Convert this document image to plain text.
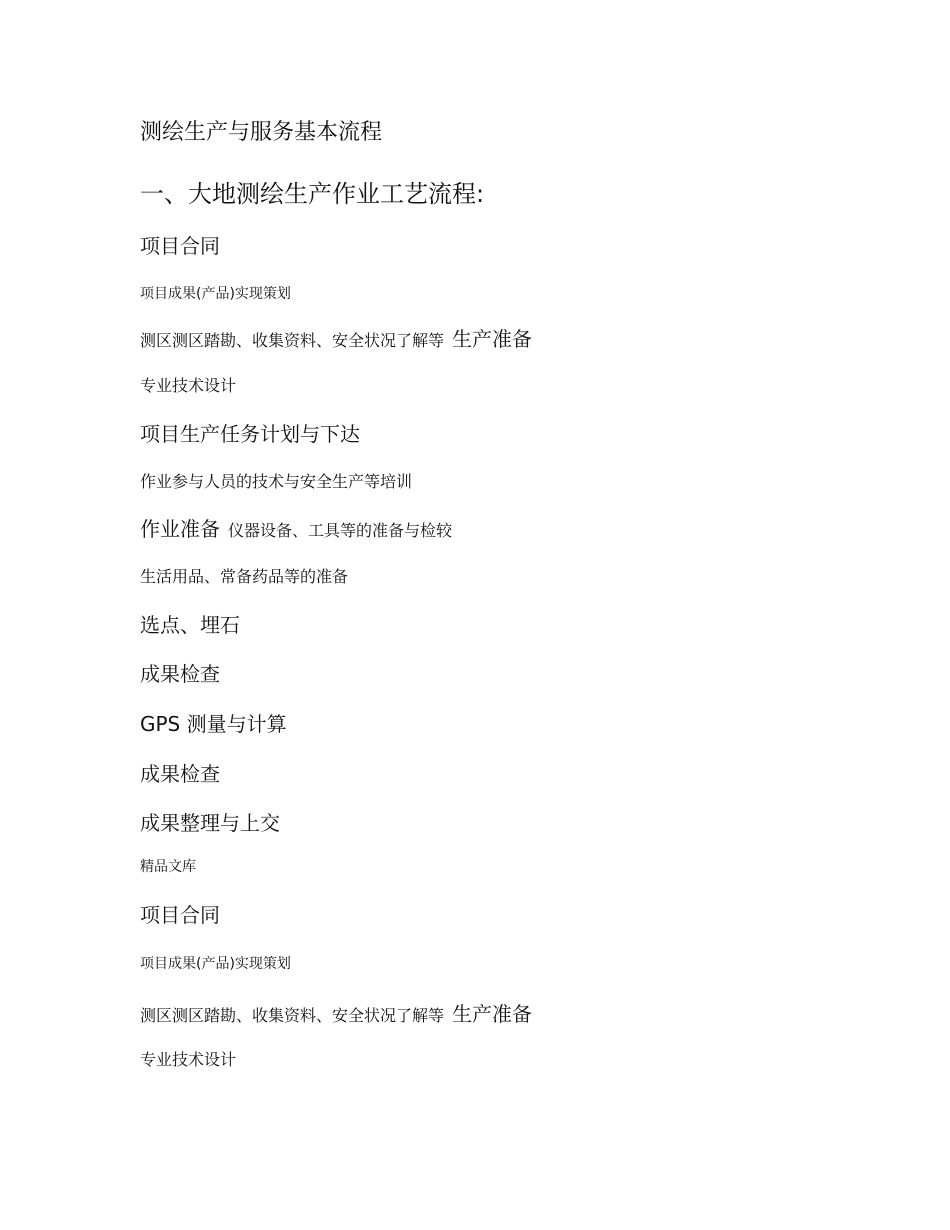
测绘生产与服务基本流程
一、大地测绘生产作业工艺流程:

项目合同

项目成果(产品)实现策划

测区测区踏勘、收集资料、安全状况了解等 生产准备

专业技术设计

项目生产任务计划与下达

作业参与人员的技术与安全生产等培训

作业准备 仪器设备、工具等的准备与检较

生活用品、常备药品等的准备

选点、埋石

成果检查

GPS 测量与计算

成果检查

成果整理与上交

精品文库

项目合同

项目成果(产品)实现策划

测区测区踏勘、收集资料、安全状况了解等 生产准备

专业技术设计
